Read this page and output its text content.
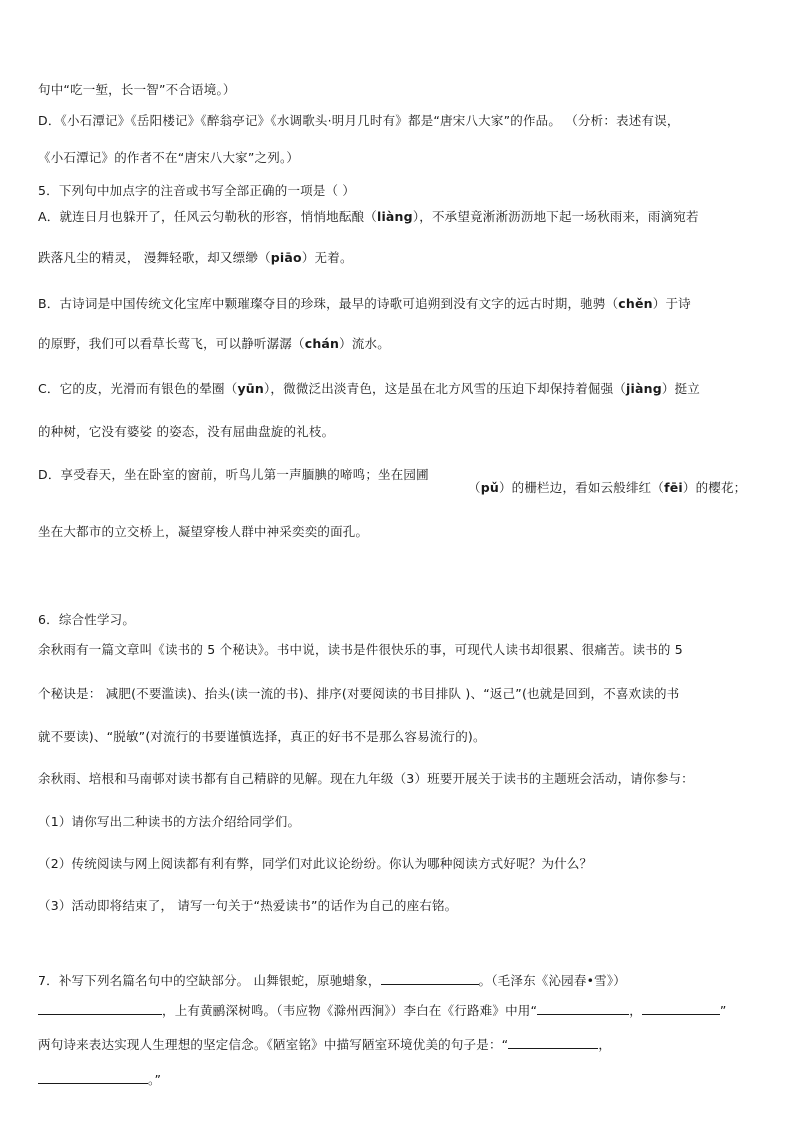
句中“吃一堑，长一智”不合语境。）
D．《小石潭记》《岳阳楼记》《醉翁亭记》《水调歌头·明月几时有》都是“唐宋八大家”的作品。 （分析：表述有误，
《小石潭记》的作者不在“唐宋八大家”之列。）
5．下列句中加点字的注音或书写全部正确的一项是（ ）
A．就连日月也躲开了，任风云匀勒秋的形容，悄悄地酝酿（liàng），不承望竟淅淅沥沥地下起一场秋雨来，雨滴宛若
跌落凡尘的精灵， 漫舞轻歌，却又缥缈（piāo）无着。
B．古诗词是中国传统文化宝库中颗璀璨夺目的珍珠，最早的诗歌可追朔到没有文字的远古时期，驰骋（chěn）于诗
的原野，我们可以看草长莺飞，可以静听潺潺（chán）流水。
C．它的皮，光滑而有银色的晕圈（yūn），微微泛出淡青色，这是虽在北方风雪的压迫下却保持着倔强（jiàng）挺立
的种树，它没有婆娑 的姿态，没有屈曲盘旋的礼枝。
D．享受春天，坐在卧室的窗前，听鸟儿第一声腼腆的啼鸣；坐在园圃
（pǔ）的栅栏边，看如云般绯红（fēi）的樱花；
坐在大都市的立交桥上，凝望穿梭人群中神采奕奕的面孔。
6．综合性学习。
余秋雨有一篇文章叫《读书的 5 个秘诀》。书中说，读书是件很快乐的事，可现代人读书却很累、很痛苦。读书的 5
个秘诀是： 减肥(不要滥读)、抬头(读一流的书)、排序(对要阅读的书目排队 )、“返己”(也就是回到，不喜欢读的书
就不要读)、“脱敏”(对流行的书要谨慎选择，真正的好书不是那么容易流行的)。
余秋雨、培根和马南邨对读书都有自己精辟的见解。现在九年级（3）班要开展关于读书的主题班会活动，请你参与：
（1）请你写出二种读书的方法介绍给同学们。
（2）传统阅读与网上阅读都有利有弊，同学们对此议论纷纷。你认为哪种阅读方式好呢？为什么？
（3）活动即将结束了， 请写一句关于“热爱读书”的话作为自己的座右铭。
7．补写下列名篇名句中的空缺部分。 山舞银蛇，原驰蜡象，	。（毛泽东《沁园春•雪》）
，上有黄鹂深树鸣。（韦应物《滁州西涧》）李白在《行路难》中用“	，	”
两句诗来表达实现人生理想的坚定信念。《陋室铭》中描写陋室环境优美的句子是：“	，
。”
